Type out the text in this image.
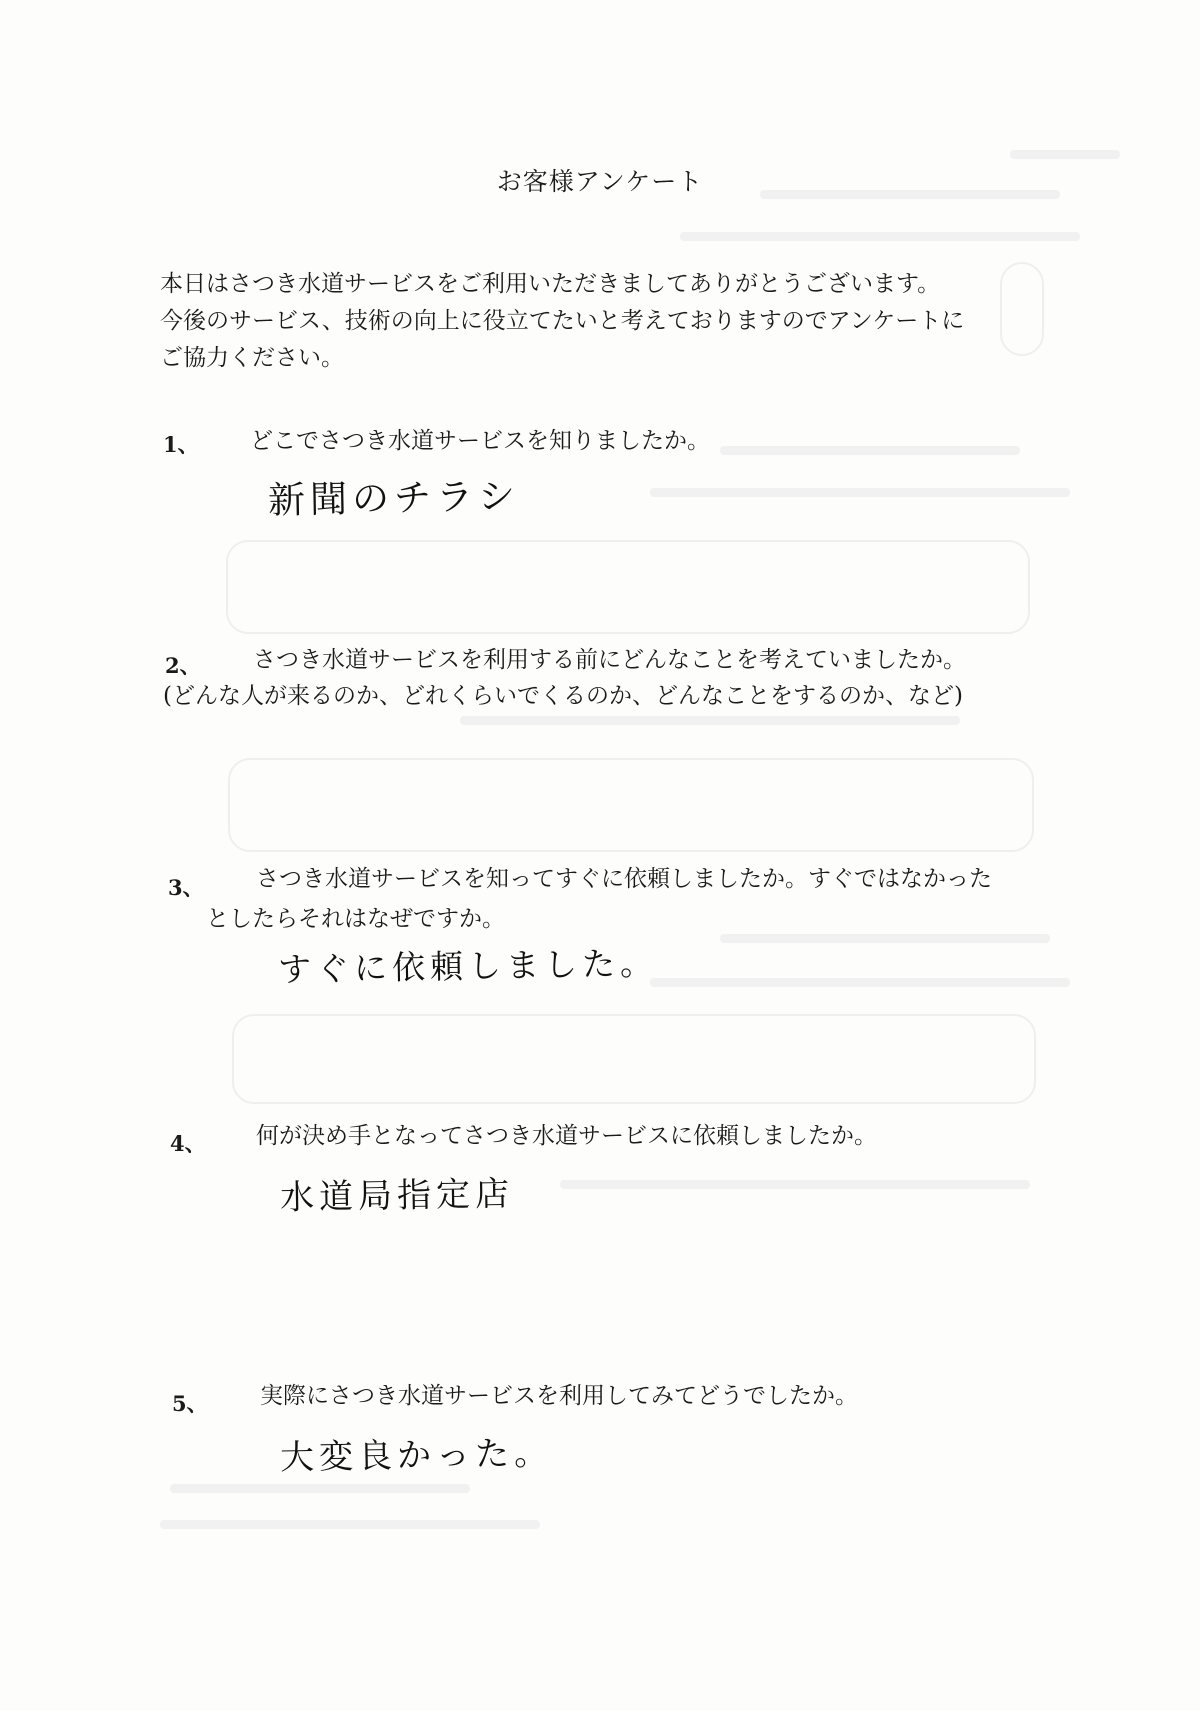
お客様アンケート
本日はさつき水道サービスをご利用いただきましてありがとうございます。
今後のサービス、技術の向上に役立てたいと考えておりますのでアンケートに
ご協力ください。
1、 どこでさつき水道サービスを知りましたか。
新聞のチラシ
2、 さつき水道サービスを利用する前にどんなことを考えていましたか。
(どんな人が来るのか、どれくらいでくるのか、どんなことをするのか、など)
3、 さつき水道サービスを知ってすぐに依頼しましたか。すぐではなかった
としたらそれはなぜですか。
すぐに依頼しました。
4、 何が決め手となってさつき水道サービスに依頼しましたか。
水道局指定店
5、 実際にさつき水道サービスを利用してみてどうでしたか。
大変良かった。
